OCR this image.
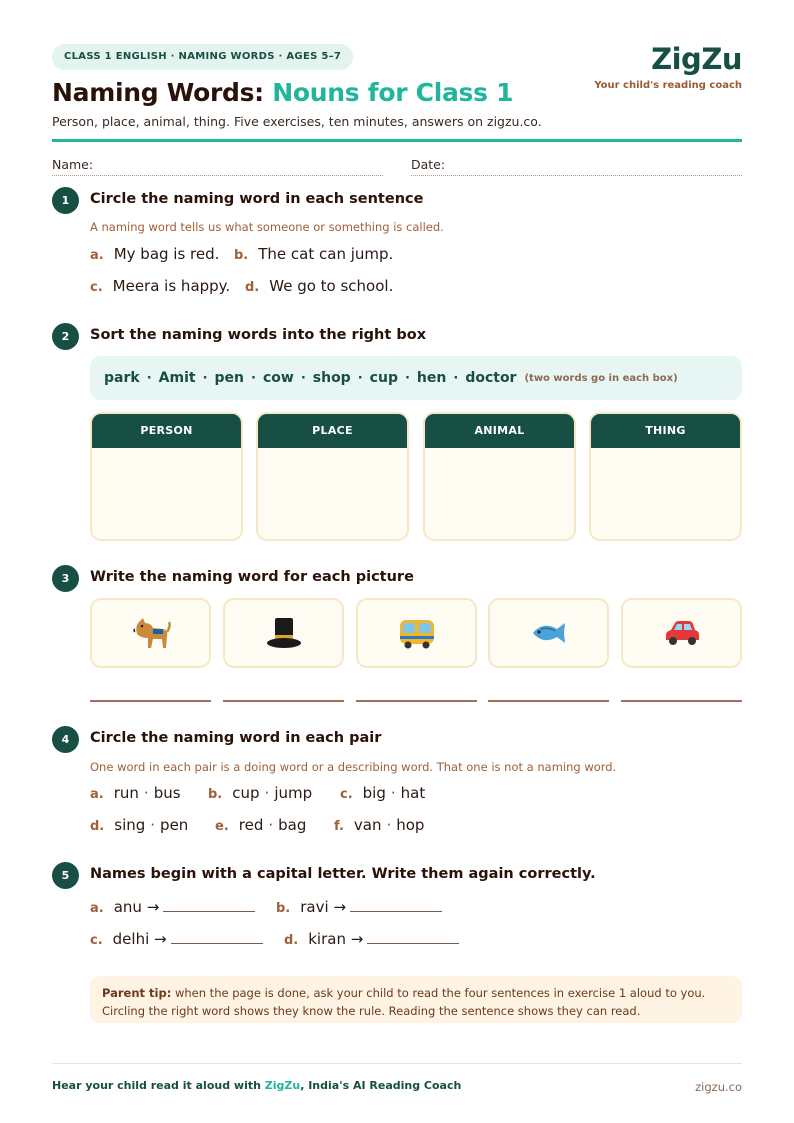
CLASS 1 ENGLISH · NAMING WORDS · AGES 5–7
Naming Words: Nouns for Class 1
Person, place, animal, thing. Five exercises, ten minutes, answers on zigzu.co.
ZigZu
Your child's reading coach
Name:	Date:
1	Circle the naming word in each sentence
A naming word tells us what someone or something is called.
a. My bag is red. b. The cat can jump.
c. Meera is happy. d. We go to school.
2	Sort the naming words into the right box
park · Amit · pen · cow · shop · cup · hen · doctor (two words go in each box)
PERSON	PLACE	ANIMAL	THING
3	Write the naming word for each picture
4	Circle the naming word in each pair
One word in each pair is a doing word or a describing word. That one is not a naming word.
a. run · bus b. cup · jump c. big · hat
d. sing · pen e. red · bag f. van · hop
5	Names begin with a capital letter. Write them again correctly.
a. anu →	b. ravi →
c. delhi →	d. kiran →
Parent tip: when the page is done, ask your child to read the four sentences in exercise 1 aloud to you. Circling the right word shows they know the rule. Reading the sentence shows they can read.
Hear your child read it aloud with ZigZu, India's AI Reading Coach	zigzu.co
